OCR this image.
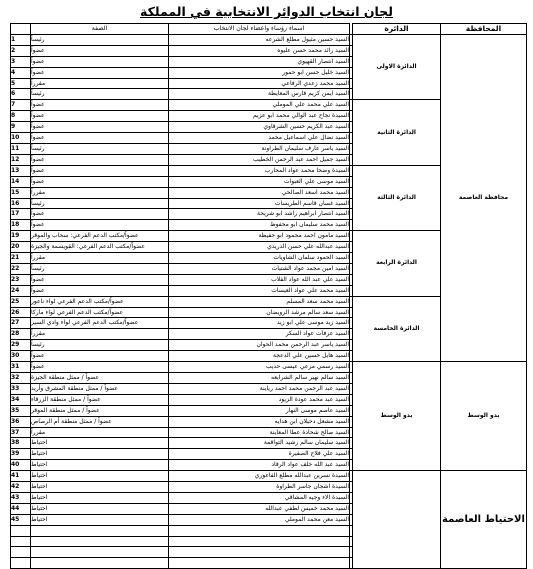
لجان انتخاب الدوائر الانتخابية في المملكة
المحافظة	الدائرة		اسماء رؤساء واعضاء لجان الانتخاب	الصفة	
محافظة العاصمة	الدائرة الاولى		السيد حسين مثيول مطلع الشرعه	رئيساً	1
			السيد رائد محمد حسن عليوه	عضواً	2
			السيد انتصار القهيوي	عضواً	3
			السيد خليل حسن ابو حمور	عضواً	4
			السيد محمد زعدي الرفاعي	مقرراً	5
			السيد ايمن كريم فارس المعايطة	رئيساً	6
	الدائرة الثانية		السيد علي محمد علي الموملي	عضواً	7
			السيدة نجاح عبد الوالي محمد ابو عزيم	عضواً	8
			السيد عبد الكريم حسين الشرقاوي	عضواً	9
			السيد نضال علي اسماعيل محمد	عضواً	10
			السيد ياسر عارف سليمان الطراونة	رئيساً	11
			السيد جميل احمد عبد الرحمن الخطيب	عضواً	12
	الدائرة الثالثة		السيدة وضحا محمد عواد المحارب	عضواً	13
			السيد موسى علي العبوات	عضواً	14
			السيد محمد اسعد الصالحي	مقرراً	15
			السيد غسان قاسم الطريسات	رئيساً	16
			السيد انتصار ابراهيم راشد ابو شريحة	عضواً	17
			السيد محمد سليمان ابو محفوظ	عضواً	18
	الدائرة الرابعة		السيد مامون احمد محمود ابو حفيظة	عضواً/مكتب الدعم الفرعي: سحاب والموقر	19
			السيد عبدالله علي حسن الدريدي	عضواً/مكتب الدعم الفرعي: القويسمة والجيزة	20
			السيد الحمود سلمان الشاويات	مقرراً	21
			السيد امين محمد عواد الشتيات	رئيساً	22
			السيد علي عبد الله عواد القلاب	عضواً	23
			السيد محمد علي عواد العيسات	عضواً	24
	الدائرة الخامسة		السيد محمد سعد المسلم	عضواً/مكتب الدعم الفرعي لواء ناعور	25
			السيد سعد سالم مرشد الرويضان	عضواً/مكتب الدعم الفرعي لواء ماركا	26
			السيد زيد موسى علي ابو زيد	عضواً/مكتب الدعم الفرعي لواء وادي السير	27
			السيد عرفات عواد السكر	مقرراً	28
			السيد ياسر عبد الرحمن محمد الحوان	رئيساً	29
			السيد هايل حسين علي الدعجة	عضواً	30
بدو الوسط	بدو الوسط		السيد رسمي مرعي عيسى حديب	عضواً	31
			السيد سالم نهير سالم الشرايعه	عضواً / ممثل منطقة الجيزة	32
			السيد عبد الرحمن محمد احمد رياينة	عضواً / ممثل منطقة المشرق وأريد	33
			السيد عبد محمد عودة الزيود	عضواً / ممثل منطقة الزرقاء	34
			السيد عاصم موسى النهار	عضواً / ممثل منطقة الموقر	35
			السيد مشعل دحيلان ابن هدايه	عضواً / ممثل منطقة أم الرصاص	36
			السيد صالح شحادة عطا المعاينة	مقرراً	37
			السيد سليمان سالم رشيد التواقمة	احتياط	38
			السيد علي فلاح الصفيرة	احتياط	39
			السيد عبد الله خلف عواد الرقاد	احتياط	40
الاحتياط العاصمة			السيدة نسرين عبدالله مطلع الفاعوري	احتياط	41
			السيدة اشجان جاسر الطراوة	احتياط	42
			السيدة الاء وجيه المشاقي	احتياط	43
			السيد محمد خميس لطفي عبدالله	احتياط	44
			السيد معن محمد الموملي	احتياط	45
